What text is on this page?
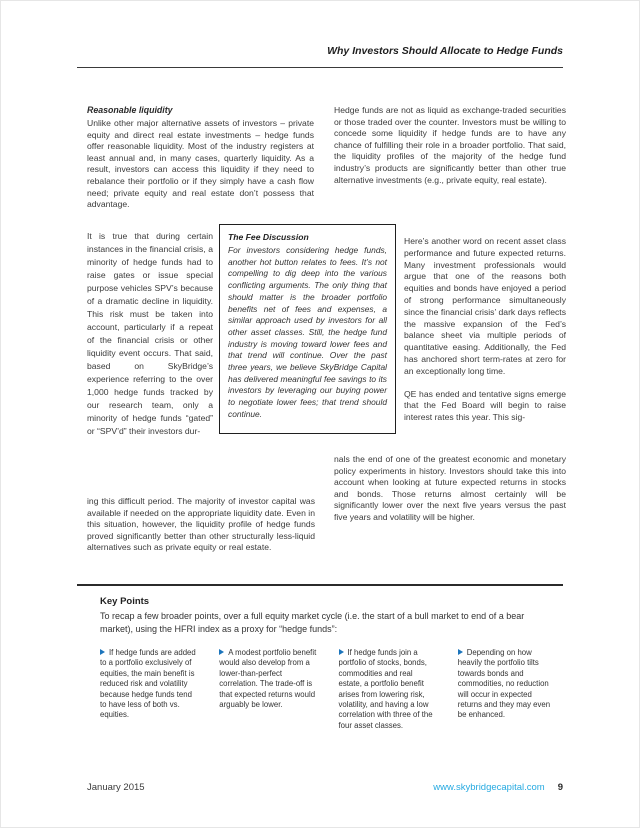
Why Investors Should Allocate to Hedge Funds
Reasonable liquidity
Unlike other major alternative assets of investors – private equity and direct real estate investments – hedge funds offer reasonable liquidity. Most of the industry registers at least annual and, in many cases, quarterly liquidity. As a result, investors can access this liquidity if they need to rebalance their portfolio or if they simply have a cash flow need; private equity and real estate don’t possess that advantage.
Hedge funds are not as liquid as exchange-traded securities or those traded over the counter. Investors must be willing to concede some liquidity if hedge funds are to have any chance of fulfilling their role in a broader portfolio. That said, the liquidity profiles of the majority of the hedge fund industry’s products are significantly better than other true alternative investments (e.g., private equity, real estate).
It is true that during certain instances in the financial crisis, a minority of hedge funds had to raise gates or issue special purpose vehicles SPV’s because of a dramatic decline in liquidity. This risk must be taken into account, particularly if a repeat of the financial crisis or other liquidity event occurs. That said, based on SkyBridge’s experience referring to the over 1,000 hedge funds tracked by our research team, only a minority of hedge funds “gated” or “SPV’d” their investors dur-
ing this difficult period. The majority of investor capital was available if needed on the appropriate liquidity date. Even in this situation, however, the liquidity profile of hedge funds proved significantly better than other structurally less-liquid alternatives such as private equity or real estate.
The Fee Discussion
For investors considering hedge funds, another hot button relates to fees. It’s not compelling to dig deep into the various conflicting arguments. The only thing that should matter is the broader portfolio benefits net of fees and expenses, a similar approach used by investors for all other asset classes. Still, the hedge fund industry is moving toward lower fees and that trend will continue. Over the past three years, we believe SkyBridge Capital has delivered meaningful fee savings to its investors by leveraging our buying power to negotiate lower fees; that trend should continue.
Here’s another word on recent asset class performance and future expected returns. Many investment professionals would argue that one of the reasons both equities and bonds have enjoyed a period of strong performance simultaneously since the financial crisis’ dark days reflects the massive expansion of the Fed’s balance sheet via multiple periods of quantitative easing. Additionally, the Fed has anchored short term-rates at zero for an exceptionally long time.
QE has ended and tentative signs emerge that the Fed Board will begin to raise interest rates this year. This sig-
nals the end of one of the greatest economic and monetary policy experiments in history. Investors should take this into account when looking at future expected returns in stocks and bonds. Those returns almost certainly will be significantly lower over the next five years versus the past five years and volatility will be higher.
Key Points
To recap a few broader points, over a full equity market cycle (i.e. the start of a bull market to end of a bear market), using the HFRI index as a proxy for “hedge funds”:
If hedge funds are added to a portfolio exclusively of equities, the main benefit is reduced risk and volatility because hedge funds tend to have less of both vs. equities.
A modest portfolio benefit would also develop from a lower-than-perfect correlation. The trade-off is that expected returns would arguably be lower.
If hedge funds join a portfolio of stocks, bonds, commodities and real estate, a portfolio benefit arises from lowering risk, volatility, and having a low correlation with three of the four asset classes.
Depending on how heavily the portfolio tilts towards bonds and commodities, no reduction will occur in expected returns and they may even be enhanced.
January 2015	www.skybridgecapital.com 9
